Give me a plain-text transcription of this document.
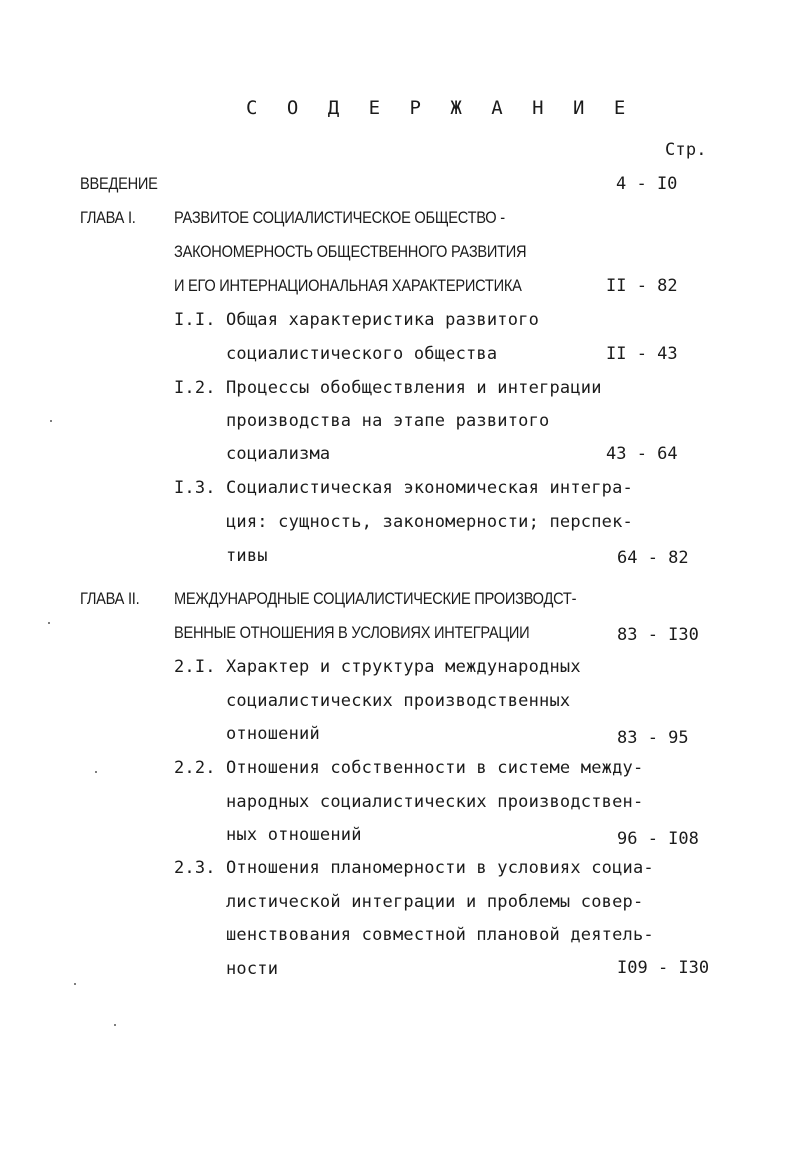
С О Д Е Р Ж А Н И Е
Стр.
ВВЕДЕНИЕ	4 - I0
ГЛАВА I. РАЗВИТОЕ СОЦИАЛИСТИЧЕСКОЕ ОБЩЕСТВО -
ЗАКОНОМЕРНОСТЬ ОБЩЕСТВЕННОГО РАЗВИТИЯ
И ЕГО ИНТЕРНАЦИОНАЛЬНАЯ ХАРАКТЕРИСТИКА	II - 82
I.I. Общая характеристика развитого
социалистического общества	II - 43
I.2. Процессы обобществления и интеграции
производства на этапе развитого
социализма	43 - 64
I.3. Социалистическая экономическая интегра-
ция: сущность, закономерности; перспек-
тивы	64 - 82
ГЛАВА II. МЕЖДУНАРОДНЫЕ СОЦИАЛИСТИЧЕСКИЕ ПРОИЗВОДСТ-
ВЕННЫЕ ОТНОШЕНИЯ В УСЛОВИЯХ ИНТЕГРАЦИИ	83 - I30
2.I. Характер и структура международных
социалистических производственных
отношений	83 - 95
2.2. Отношения собственности в системе между-
народных социалистических производствен-
ных отношений	96 - I08
2.3. Отношения планомерности в условиях социа-
листической интеграции и проблемы совер-
шенствования совместной плановой деятель-
ности	I09 - I30
